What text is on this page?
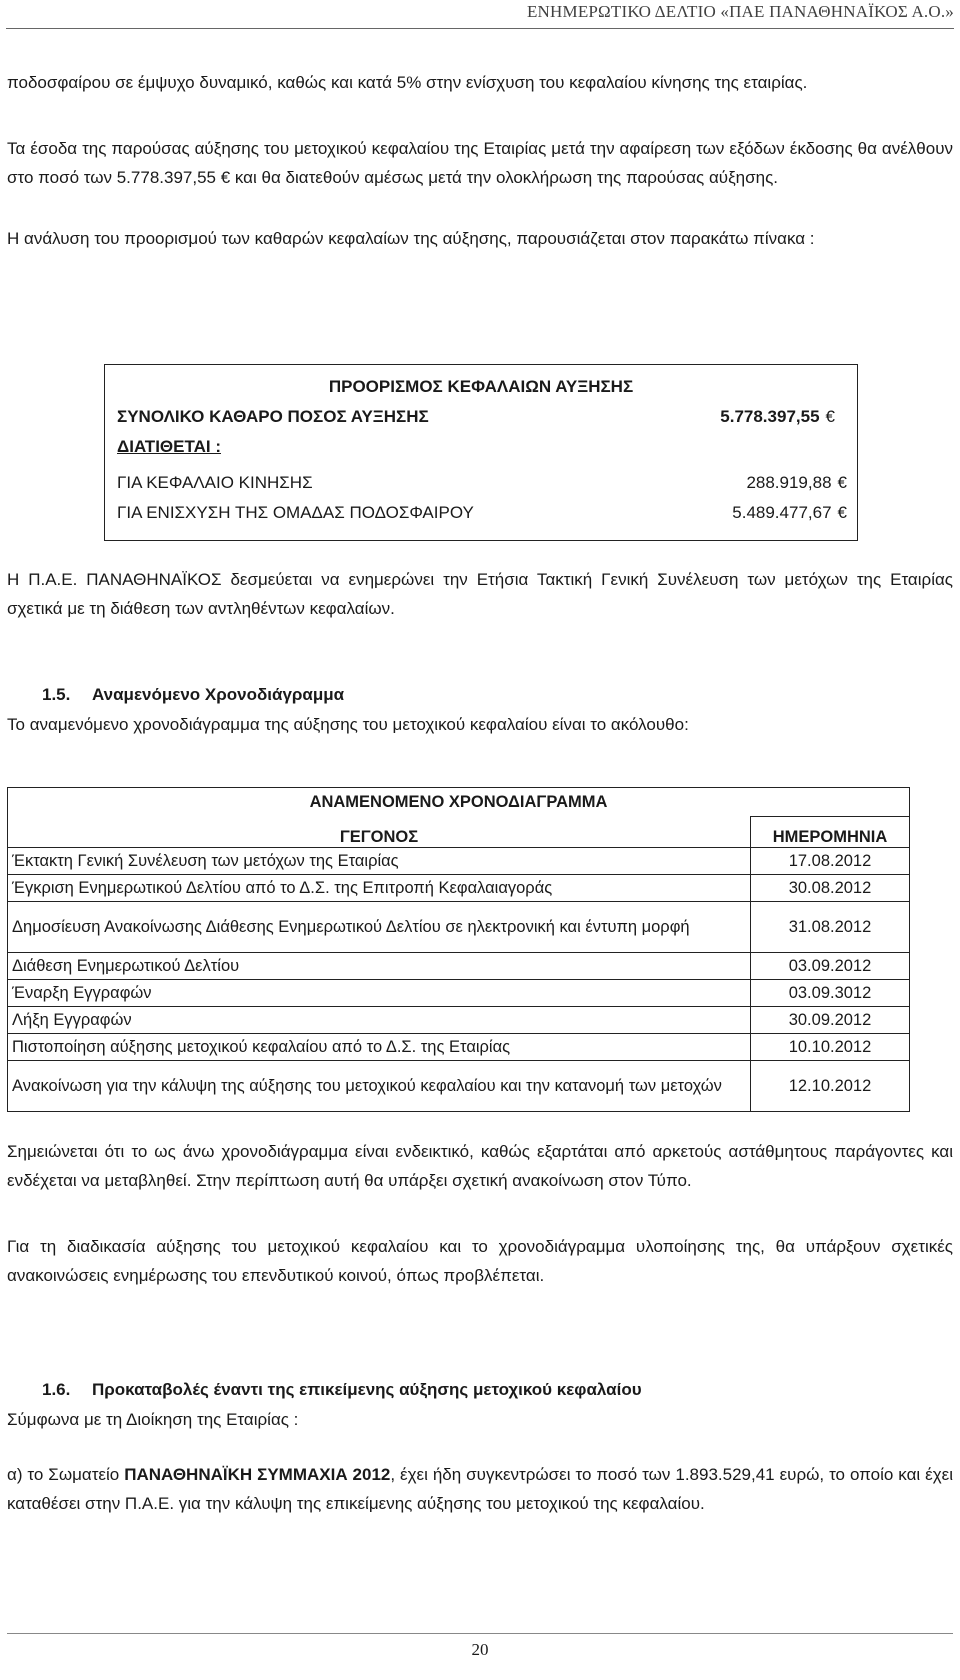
ΕΝΗΜΕΡΩΤΙΚΟ ΔΕΛΤΙΟ «ΠΑΕ ΠΑΝΑΘΗΝΑΪΚΟΣ Α.Ο.»

ποδοσφαίρου σε έμψυχο δυναμικό, καθώς και κατά 5% στην ενίσχυση του κεφαλαίου κίνησης της εταιρίας.

Τα έσοδα της παρούσας αύξησης του μετοχικού κεφαλαίου της Εταιρίας μετά την αφαίρεση των εξόδων έκδοσης θα ανέλθουν στο ποσό των 5.778.397,55 € και θα διατεθούν αμέσως μετά την ολοκλήρωση της παρούσας αύξησης.

Η ανάλυση του προορισμού των καθαρών κεφαλαίων της αύξησης, παρουσιάζεται στον παρακάτω πίνακα :

ΠΡΟΟΡΙΣΜΟΣ ΚΕΦΑΛΑΙΩΝ ΑΥΞΗΣΗΣ
ΣΥΝΟΛΙΚΟ ΚΑΘΑΡΟ ΠΟΣΟΣ ΑΥΞΗΣΗΣ	5.778.397,55 €
ΔΙΑΤΙΘΕΤΑΙ :
ΓΙΑ ΚΕΦΑΛΑΙΟ ΚΙΝΗΣΗΣ	288.919,88 €
ΓΙΑ ΕΝΙΣΧΥΣΗ ΤΗΣ ΟΜΑΔΑΣ ΠΟΔΟΣΦΑΙΡΟΥ	5.489.477,67 €

Η Π.Α.Ε. ΠΑΝΑΘΗΝΑΪΚΟΣ δεσμεύεται να ενημερώνει την Ετήσια Τακτική Γενική Συνέλευση των μετόχων της Εταιρίας σχετικά με τη διάθεση των αντληθέντων κεφαλαίων.

1.5. Αναμενόμενο Χρονοδιάγραμμα

Το αναμενόμενο χρονοδιάγραμμα της αύξησης του μετοχικού κεφαλαίου είναι το ακόλουθο:

ΑΝΑΜΕΝΟΜΕΝΟ ΧΡΟΝΟΔΙΑΓΡΑΜΜΑ	
ΓΕΓΟΝΟΣ	ΗΜΕΡΟΜΗΝΙΑ
Έκτακτη Γενική Συνέλευση των μετόχων της Εταιρίας	17.08.2012
Έγκριση Ενημερωτικού Δελτίου από το Δ.Σ. της Επιτροπή Κεφαλαιαγοράς	30.08.2012
Δημοσίευση Ανακοίνωσης Διάθεσης Ενημερωτικού Δελτίου σε ηλεκτρονική και έντυπη μορφή	31.08.2012
Διάθεση Ενημερωτικού Δελτίου	03.09.2012
Έναρξη Εγγραφών	03.09.3012
Λήξη Εγγραφών	30.09.2012
Πιστοποίηση αύξησης μετοχικού κεφαλαίου από το Δ.Σ. της Εταιρίας	10.10.2012
Ανακοίνωση για την κάλυψη της αύξησης του μετοχικού κεφαλαίου και την κατανομή των μετοχών	12.10.2012

Σημειώνεται ότι το ως άνω χρονοδιάγραμμα είναι ενδεικτικό, καθώς εξαρτάται από αρκετούς αστάθμητους παράγοντες και ενδέχεται να μεταβληθεί. Στην περίπτωση αυτή θα υπάρξει σχετική ανακοίνωση στον Τύπο.

Για τη διαδικασία αύξησης του μετοχικού κεφαλαίου και το χρονοδιάγραμμα υλοποίησης της, θα υπάρξουν σχετικές ανακοινώσεις ενημέρωσης του επενδυτικού κοινού, όπως προβλέπεται.

1.6. Προκαταβολές έναντι της επικείμενης αύξησης μετοχικού κεφαλαίου

Σύμφωνα με τη Διοίκηση της Εταιρίας :

α) το Σωματείο ΠΑΝΑΘΗΝΑΪΚΗ ΣΥΜΜΑΧΙΑ 2012, έχει ήδη συγκεντρώσει το ποσό των 1.893.529,41 ευρώ, το οποίο και έχει καταθέσει στην Π.Α.Ε. για την κάλυψη της επικείμενης αύξησης του μετοχικού της κεφαλαίου.

20
